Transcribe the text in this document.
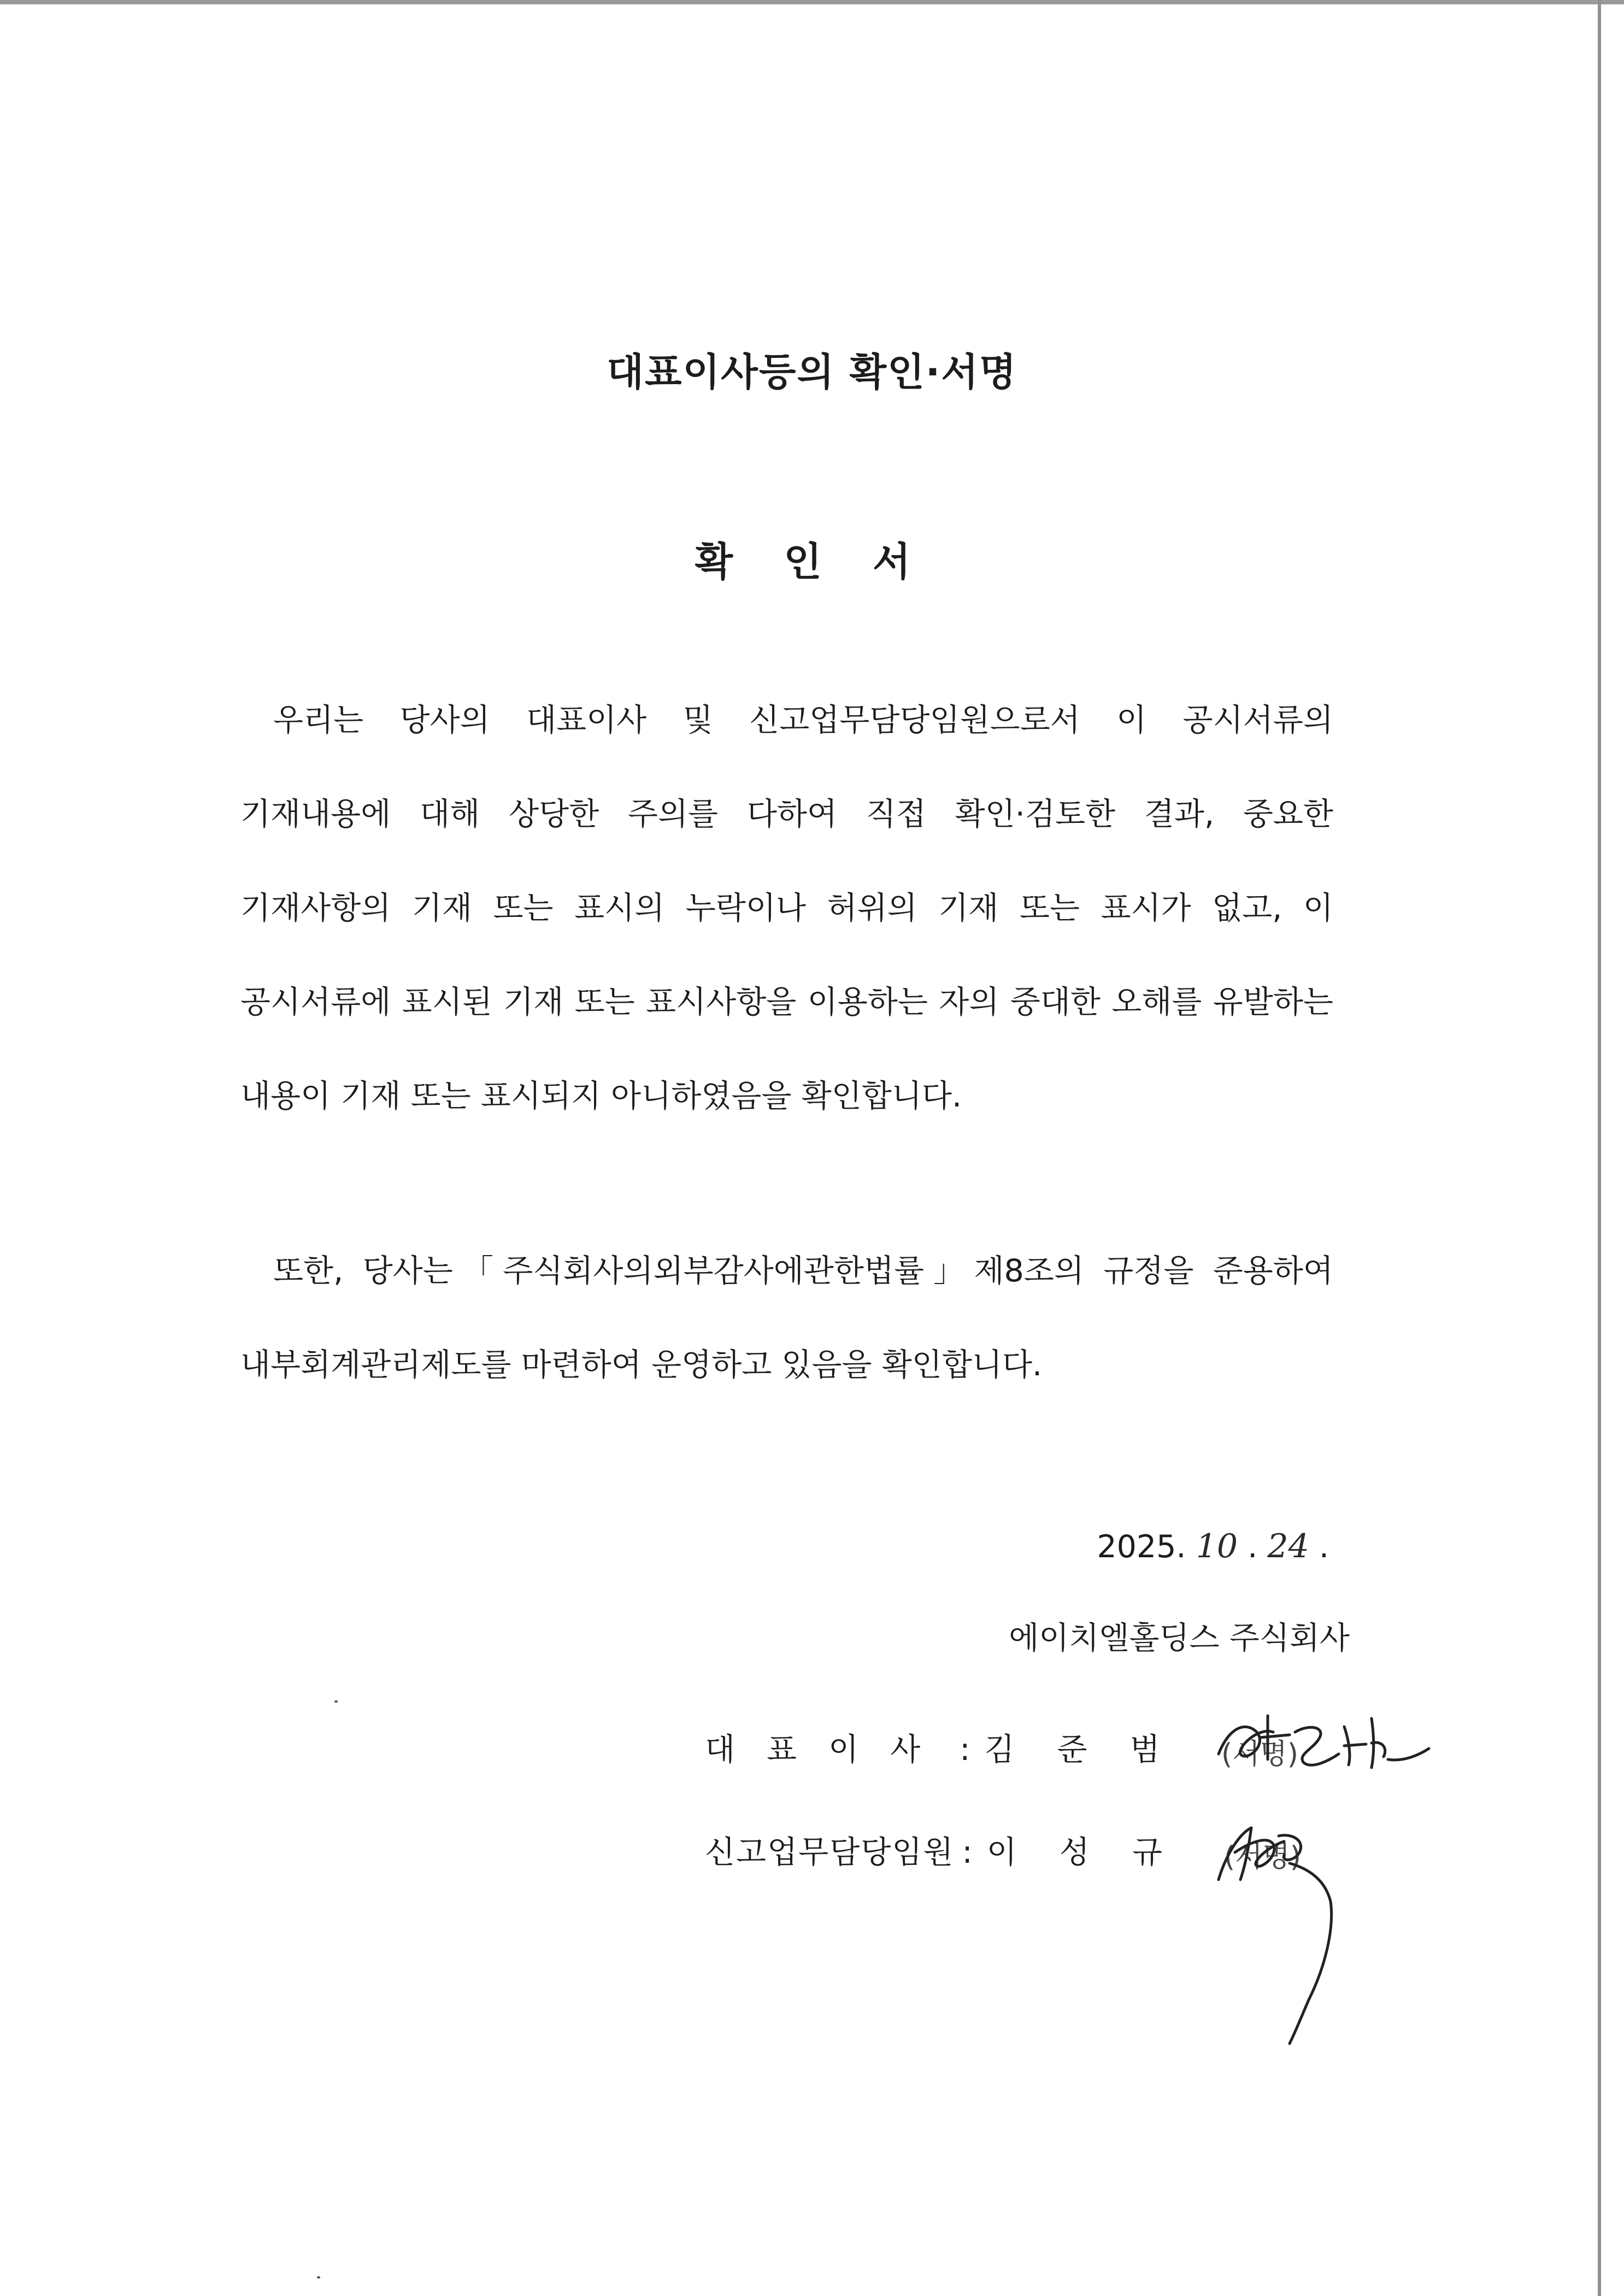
대표이사등의 확인·서명
확 인 서

우리는 당사의 대표이사 및 신고업무담당임원으로서 이 공시서류의 기재내용에 대해 상당한 주의를 다하여 직접 확인·검토한 결과, 중요한 기재사항의 기재 또는 표시의 누락이나 허위의 기재 또는 표시가 없고, 이 공시서류에 표시된 기재 또는 표시사항을 이용하는 자의 중대한 오해를 유발하는 내용이 기재 또는 표시되지 아니하였음을 확인합니다.

또한, 당사는「주식회사의외부감사에관한법률」제8조의 규정을 준용하여 내부회계관리제도를 마련하여 운영하고 있음을 확인합니다.

2025. 10 . 24 .
에이치엘홀딩스 주식회사
대표이사 : 김준범 (서명)
신고업무담당임원 : 이성규 (서명)
